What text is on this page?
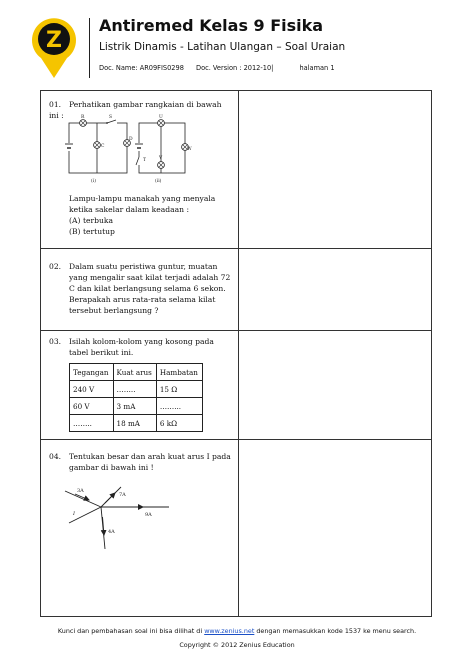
Z
Antiremed Kelas 9 Fisika
Listrik Dinamis - Latihan Ulangan – Soal Uraian
Doc. Name: AR09FIS0298 Doc. Version : 2012-10|	halaman 1

01. Perhatikan gambar rangkaian di bawah ini :	R	S	U
C
D
T	V
W
(i)	(ii)

Lampu-lampu manakah yang menyala ketika sakelar dalam keadaan :

(A) terbuka
(B) tertutup
02.	Dalam suatu peristiwa guntur, muatan yang mengalir saat kilat terjadi adalah 72 C dan kilat berlangsung selama 6 sekon. Berapakah arus rata-rata selama kilat tersebut berlangsung ?
03.	Isilah kolom-kolom yang kosong pada tabel berikut ini.
Tegangan	Kuat arus	Hambatan
240 V	……..	15 Ω
60 V	3 mA	……...
……..	18 mA	6 kΩ
04.	Tentukan besar dan arah kuat arus I pada gambar di bawah ini !
3A
7A
9A
4A
I
Kunci dan pembahasan soal ini bisa dilihat di www.zenius.net dengan memasukkan kode 1537 ke menu search.
Copyright © 2012 Zenius Education
